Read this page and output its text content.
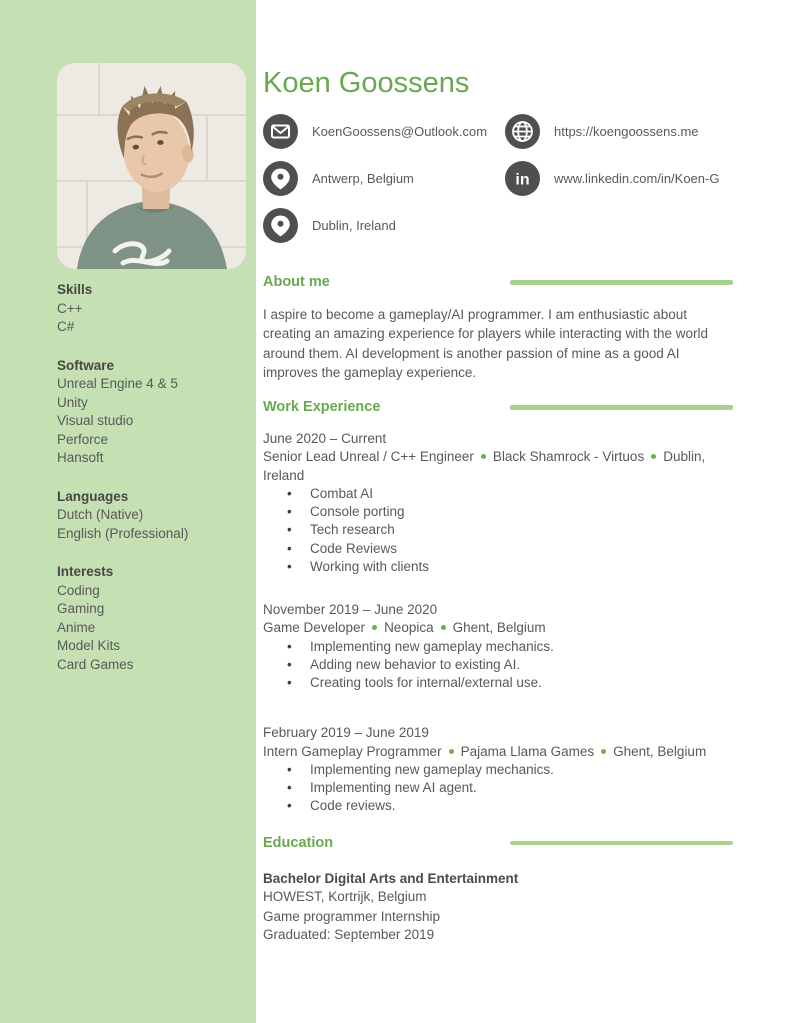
Skills
C++
C#
Software
Unreal Engine 4 & 5
Unity
Visual studio
Perforce
Hansoft
Languages
Dutch (Native)
English (Professional)
Interests
Coding
Gaming
Anime
Model Kits
Card Games
Koen Goossens
KoenGoossens@Outlook.com
Antwerp, Belgium
Dublin, Ireland
https://koengoossens.me
in www.linkedin.com/in/Koen-G
About me

I aspire to become a gameplay/AI programmer. I am enthusiastic about creating an amazing experience for players while interacting with the world around them. AI development is another passion of mine as a good AI improves the gameplay experience.

Work Experience
June 2020 – Current
Senior Lead Unreal / C++ Engineer Black Shamrock - Virtuos Dublin, Ireland
• Combat AI
• Console porting
• Tech research
• Code Reviews
• Working with clients
November 2019 – June 2020
Game Developer Neopica Ghent, Belgium
• Implementing new gameplay mechanics.
• Adding new behavior to existing AI.
• Creating tools for internal/external use.
February 2019 – June 2019
Intern Gameplay Programmer Pajama Llama Games Ghent, Belgium
• Implementing new gameplay mechanics.
• Implementing new AI agent.
• Code reviews.
Education
Bachelor Digital Arts and Entertainment
HOWEST, Kortrijk, Belgium
Game programmer Internship
Graduated: September 2019
